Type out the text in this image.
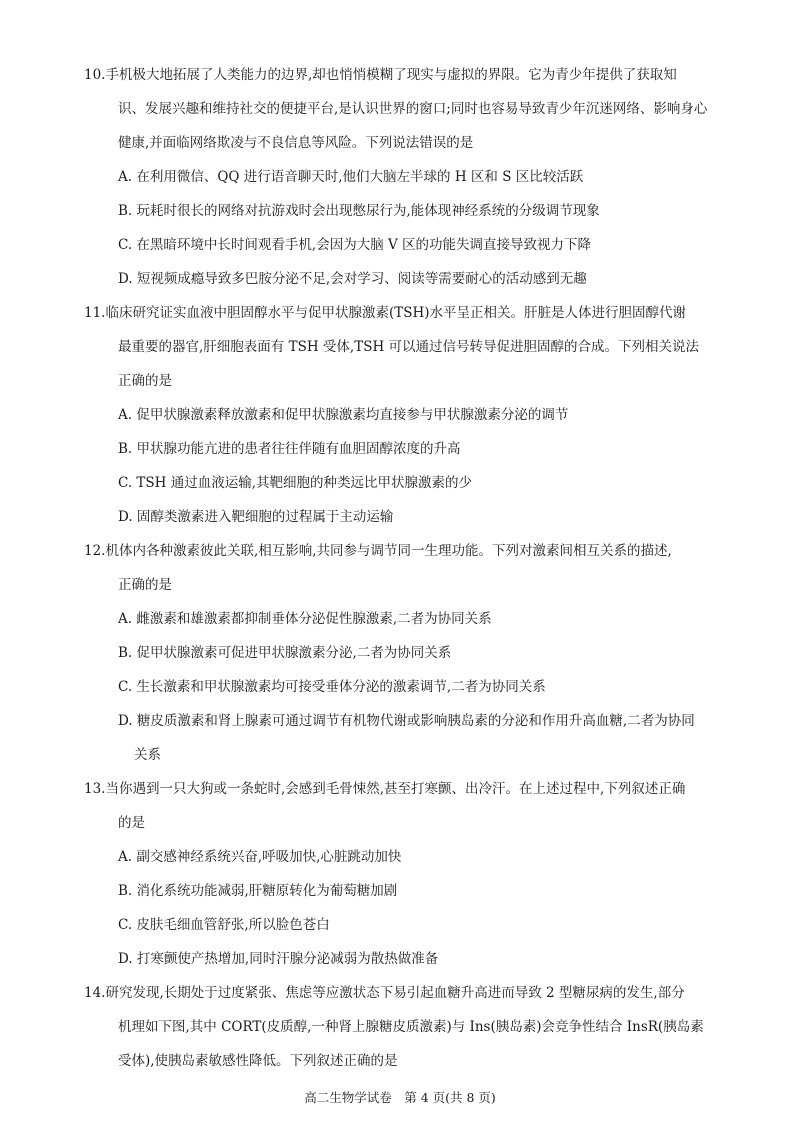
10.手机极大地拓展了人类能力的边界,却也悄悄模糊了现实与虚拟的界限。它为青少年提供了获取知
识、发展兴趣和维持社交的便捷平台,是认识世界的窗口;同时也容易导致青少年沉迷网络、影响身心
健康,并面临网络欺凌与不良信息等风险。下列说法错误的是
A. 在利用微信、QQ 进行语音聊天时,他们大脑左半球的 H 区和 S 区比较活跃
B. 玩耗时很长的网络对抗游戏时会出现憋尿行为,能体现神经系统的分级调节现象
C. 在黑暗环境中长时间观看手机,会因为大脑 V 区的功能失调直接导致视力下降
D. 短视频成瘾导致多巴胺分泌不足,会对学习、阅读等需要耐心的活动感到无趣
11.临床研究证实血液中胆固醇水平与促甲状腺激素(TSH)水平呈正相关。肝脏是人体进行胆固醇代谢
最重要的器官,肝细胞表面有 TSH 受体,TSH 可以通过信号转导促进胆固醇的合成。下列相关说法
正确的是
A. 促甲状腺激素释放激素和促甲状腺激素均直接参与甲状腺激素分泌的调节
B. 甲状腺功能亢进的患者往往伴随有血胆固醇浓度的升高
C. TSH 通过血液运输,其靶细胞的种类远比甲状腺激素的少
D. 固醇类激素进入靶细胞的过程属于主动运输
12.机体内各种激素彼此关联,相互影响,共同参与调节同一生理功能。下列对激素间相互关系的描述,
正确的是
A. 雌激素和雄激素都抑制垂体分泌促性腺激素,二者为协同关系
B. 促甲状腺激素可促进甲状腺激素分泌,二者为协同关系
C. 生长激素和甲状腺激素均可接受垂体分泌的激素调节,二者为协同关系
D. 糖皮质激素和肾上腺素可通过调节有机物代谢或影响胰岛素的分泌和作用升高血糖,二者为协同
关系
13.当你遇到一只大狗或一条蛇时,会感到毛骨悚然,甚至打寒颤、出冷汗。在上述过程中,下列叙述正确
的是
A. 副交感神经系统兴奋,呼吸加快,心脏跳动加快
B. 消化系统功能减弱,肝糖原转化为葡萄糖加剧
C. 皮肤毛细血管舒张,所以脸色苍白
D. 打寒颤使产热增加,同时汗腺分泌减弱为散热做准备
14.研究发现,长期处于过度紧张、焦虑等应激状态下易引起血糖升高进而导致 2 型糖尿病的发生,部分
机理如下图,其中 CORT(皮质醇,一种肾上腺糖皮质激素)与 Ins(胰岛素)会竞争性结合 InsR(胰岛素
受体),使胰岛素敏感性降低。下列叙述正确的是
高二生物学试卷　第 4 页(共 8 页)
